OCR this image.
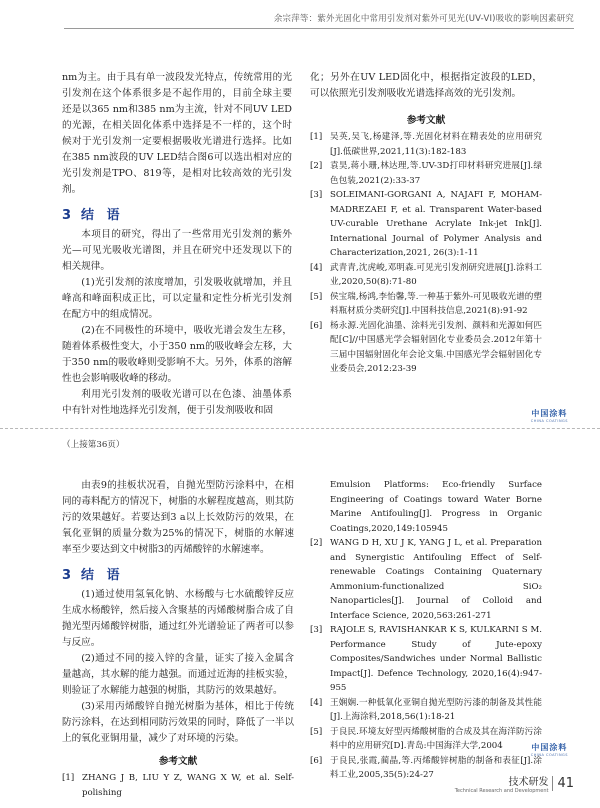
余宗萍等：紫外光固化中常用引发剂对紫外可见光(UV-VI)吸收的影响因素研究

nm为主。由于具有单一波段发光特点，传统常用的光引发剂在这个体系很多是不起作用的，目前全球主要还是以365 nm和385 nm为主流，针对不同UV LED的光源，在相关固化体系中选择是不一样的，这个时候对于光引发剂一定要根据吸收光谱进行选择。比如在385 nm波段的UV LED结合图6可以选出相对应的光引发剂是TPO、819等，是相对比较高效的光引发剂。

3 结 语

本项目的研究，得出了一些常用光引发剂的紫外光—可见光吸收光谱图，并且在研究中还发现以下的相关规律。

(1)光引发剂的浓度增加，引发吸收就增加，并且峰高和峰面积成正比，可以定量和定性分析光引发剂在配方中的组成情况。

(2)在不同极性的环境中，吸收光谱会发生左移，随着体系极性变大，小于350 nm的吸收峰会左移，大于350 nm的吸收峰则受影响不大。另外，体系的溶解性也会影响吸收峰的移动。

利用光引发剂的吸收光谱可以在色漆、油墨体系中有针对性地选择光引发剂，便于引发剂吸收和固

化；另外在UV LED固化中，根据指定波段的LED，可以依照光引发剂吸收光谱选择高效的光引发剂。

参考文献
[1] 吴英,吴飞,杨建泽,等.光固化材料在精表处的应用研究[J].低碳世界,2021,11(3):182-183
[2] 袁昊,蒋小珊,林达理,等.UV-3D打印材料研究进展[J].绿色包装,2021(2):33-37
[3] SOLEIMANI-GORGANI A, NAJAFI F, MOHAM-MADREZAEI F, et al. Transparent Water-based UV-curable Urethane Acrylate Ink-jet Ink[J]. International Journal of Polymer Analysis and Characterization,2021, 26(3):1-11
[4] 武青青,沈虎峻,邓明森.可见光引发剂研究进展[J].涂料工业,2020,50(8):71-80
[5] 侯宝瑞,杨鸿,李怡馨,等.一种基于紫外-可见吸收光谱的塑料瓶材质分类研究[J].中国科技信息,2021(8):91-92
[6] 杨永源.光固化油墨、涂料光引发剂、颜料和光源如何匹配[C]//中国感光学会辐射固化专业委员会.2012年第十三届中国辐射固化年会论文集.中国感光学会辐射固化专业委员会,2012:23-39
中国涂料
CHINA COATINGS
（上接第36页）

由表9的挂板状况看，自抛光型防污涂料中，在相同的毒料配方的情况下，树脂的水解程度越高，则其防污的效果越好。若要达到3 a以上长效防污的效果，在氧化亚铜的质量分数为25%的情况下，树脂的水解速率至少要达到文中树脂3的丙烯酸锌的水解速率。

3 结 语

(1)通过使用氢氧化钠、水杨酸与七水硫酸锌反应生成水杨酸锌，然后接入含聚基的丙烯酸树脂合成了自抛光型丙烯酸锌树脂，通过红外光谱验证了两者可以参与反应。

(2)通过不同的接入锌的含量，证实了接入金属含量越高，其水解的能力越强。而通过近海的挂板实验，则验证了水解能力越强的树脂，其防污的效果越好。

(3)采用丙烯酸锌自抛光树脂为基体，相比于传统防污涂料，在达到相同防污效果的同时，降低了一半以上的氧化亚铜用量，减少了对环境的污染。

参考文献
[1] ZHANG J B, LIU Y Z, WANG X W, et al. Self-polishing
Emulsion Platforms: Eco-friendly Surface Engineering of Coatings toward Water Borne Marine Antifouling[J]. Progress in Organic Coatings,2020,149:105945
[2] WANG D H, XU J K, YANG J L, et al. Preparation and Synergistic Antifouling Effect of Self-renewable Coatings Containing Quaternary Ammonium-functionalized SiO₂ Nanoparticles[J]. Journal of Colloid and Interface Science, 2020,563:261-271
[3] RAJOLE S, RAVISHANKAR K S, KULKARNI S M. Performance Study of Jute-epoxy Composites/Sandwiches under Normal Ballistic Impact[J]. Defence Technology, 2020,16(4):947-955
[4] 王娴娴.一种低氧化亚铜自抛光型防污漆的制备及其性能[J].上海涂料,2018,56(1):18-21
[5] 于良民.环境友好型丙烯酸树脂的合成及其在海洋防污涂料中的应用研究[D].青岛:中国海洋大学,2004
[6] 于良民,张霞,蔺晶,等.丙烯酸锌树脂的制备和表征[J].涂料工业,2005,35(5):24-27
中国涂料
CHINA COATINGS
技术研发
Technical Research and Development 41
